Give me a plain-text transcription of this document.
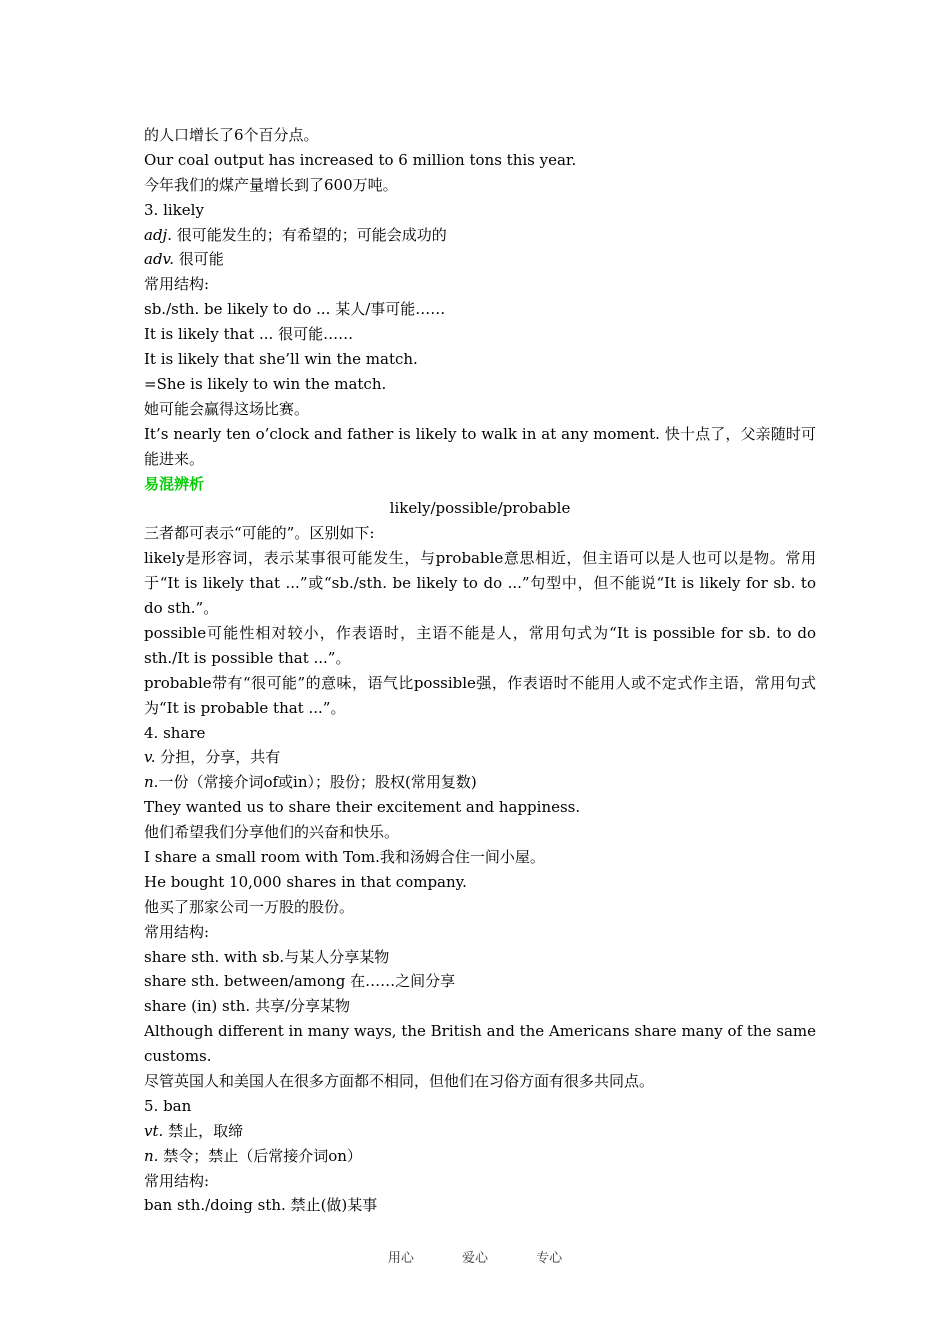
的人口增长了6个百分点。
Our coal output has increased to 6 million tons this year.
今年我们的煤产量增长到了600万吨。
3. likely
adj. 很可能发生的；有希望的；可能会成功的
adv. 很可能
常用结构:
sb./sth. be likely to do ... 某人/事可能……
It is likely that ... 很可能……
It is likely that she’ll win the match.
=She is likely to win the match.
她可能会赢得这场比赛。
It’s nearly ten o’clock and father is likely to walk in at any moment. 快十点了，父亲随时可能进来。
易混辨析
likely/possible/probable
三者都可表示“可能的”。区别如下:
likely是形容词，表示某事很可能发生，与probable意思相近，但主语可以是人也可以是物。常用于“It is likely that ...”或“sb./sth. be likely to do ...”句型中，但不能说“It is likely for sb. to do sth.”。
possible可能性相对较小，作表语时，主语不能是人，常用句式为“It is possible for sb. to do sth./It is possible that ...”。
probable带有“很可能”的意味，语气比possible强，作表语时不能用人或不定式作主语，常用句式为“It is probable that ...”。
4. share
v. 分担，分享，共有
n.一份（常接介词of或in）；股份；股权(常用复数)
They wanted us to share their excitement and happiness.
他们希望我们分享他们的兴奋和快乐。
I share a small room with Tom.我和汤姆合住一间小屋。
He bought 10,000 shares in that company.
他买了那家公司一万股的股份。
常用结构:
share sth. with sb.与某人分享某物
share sth. between/among 在……之间分享
share (in) sth. 共享/分享某物
Although different in many ways, the British and the Americans share many of the same customs.
尽管英国人和美国人在很多方面都不相同，但他们在习俗方面有很多共同点。
5. ban
vt. 禁止，取缔
n. 禁令；禁止（后常接介词on）
常用结构:
ban sth./doing sth. 禁止(做)某事
用心	爱心	专心
